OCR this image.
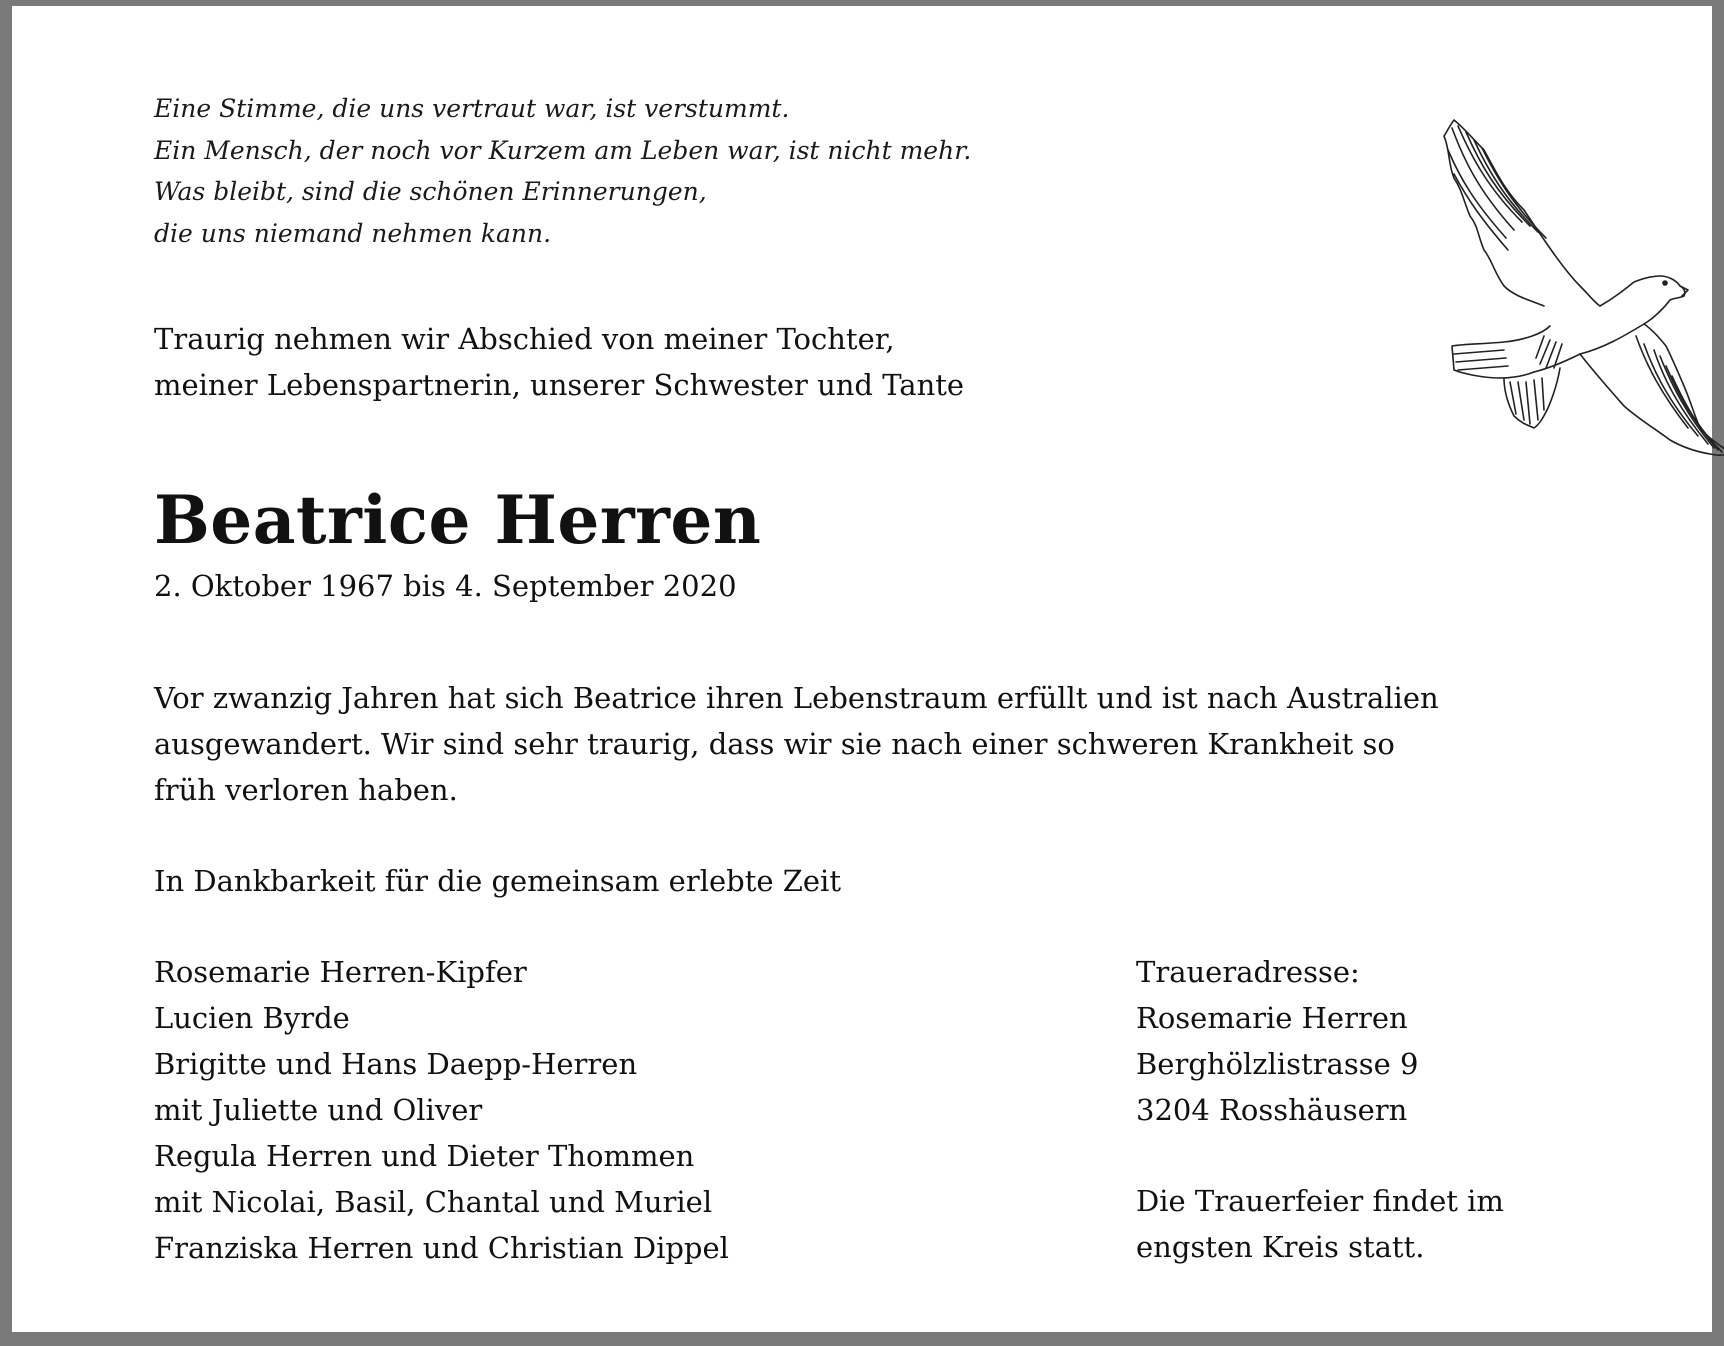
Eine Stimme, die uns vertraut war, ist verstummt.
Ein Mensch, der noch vor Kurzem am Leben war, ist nicht mehr.
Was bleibt, sind die schönen Erinnerungen,
die uns niemand nehmen kann.
Traurig nehmen wir Abschied von meiner Tochter,
meiner Lebenspartnerin, unserer Schwester und Tante
Beatrice Herren
2. Oktober 1967 bis 4. September 2020
Vor zwanzig Jahren hat sich Beatrice ihren Lebenstraum erfüllt und ist nach Australien
ausgewandert. Wir sind sehr traurig, dass wir sie nach einer schweren Krankheit so
früh verloren haben.
In Dankbarkeit für die gemeinsam erlebte Zeit
Rosemarie Herren-Kipfer
Lucien Byrde
Brigitte und Hans Daepp-Herren
mit Juliette und Oliver
Regula Herren und Dieter Thommen
mit Nicolai, Basil, Chantal und Muriel
Franziska Herren und Christian Dippel
Traueradresse:
Rosemarie Herren
Berghölzlistrasse 9
3204 Rosshäusern
Die Trauerfeier findet im
engsten Kreis statt.
